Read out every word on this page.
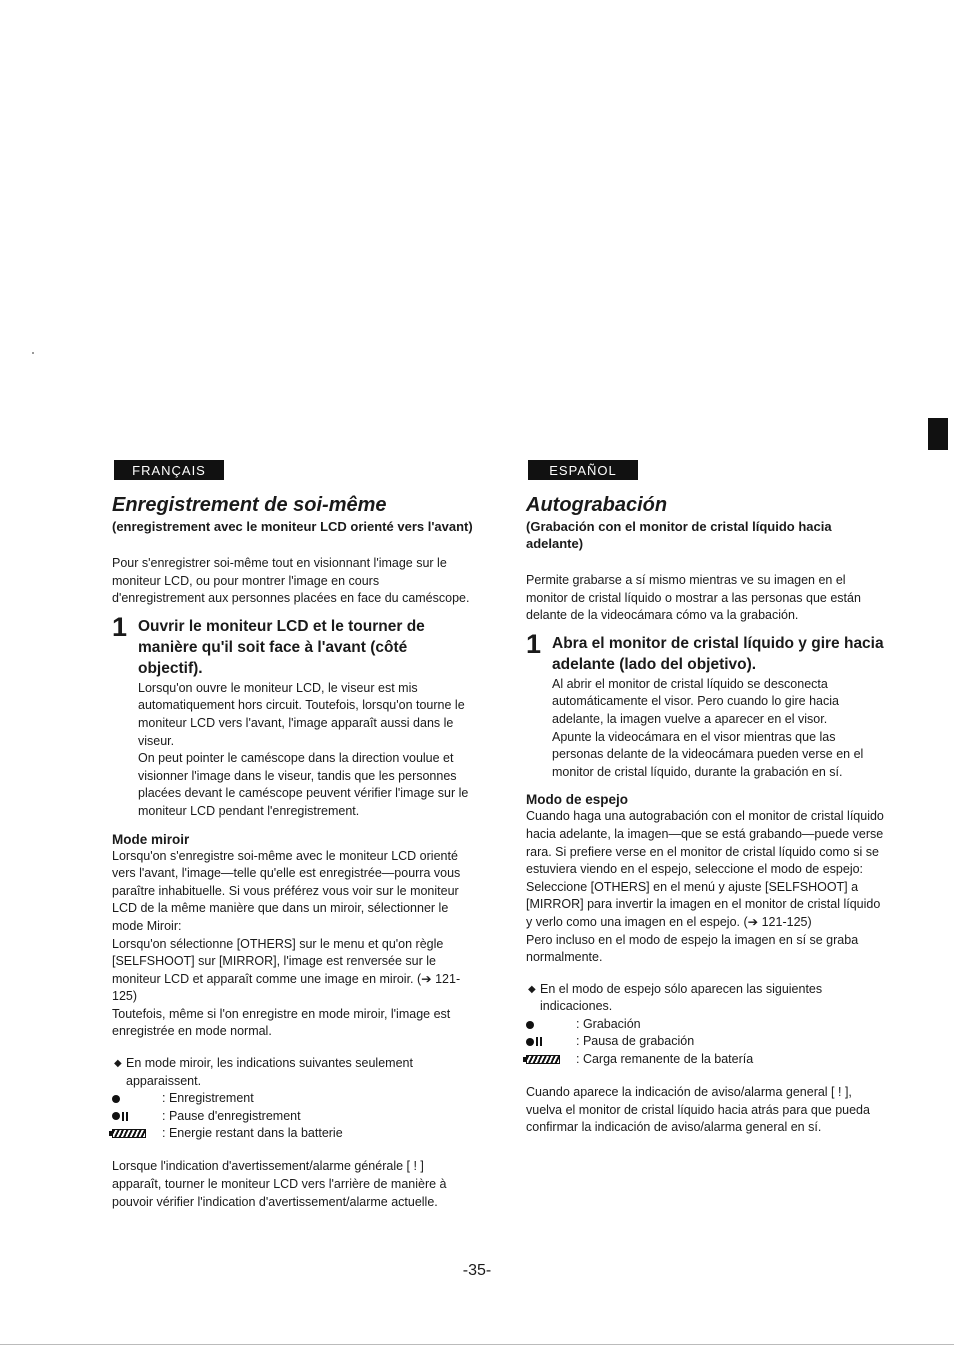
FRANÇAIS
Enregistrement de soi-même

(enregistrement avec le moniteur LCD orienté vers l'avant)

Pour s'enregistrer soi-même tout en visionnant l'image sur le moniteur LCD, ou pour montrer l'image en cours d'enregistrement aux personnes placées en face du caméscope.

1 Ouvrir le moniteur LCD et le tourner de manière qu'il soit face à l'avant (côté objectif).

Lorsqu'on ouvre le moniteur LCD, le viseur est mis automatiquement hors circuit. Toutefois, lorsqu'on tourne le moniteur LCD vers l'avant, l'image apparaît aussi dans le viseur.

On peut pointer le caméscope dans la direction voulue et visionner l'image dans le viseur, tandis que les personnes placées devant le caméscope peuvent vérifier l'image sur le moniteur LCD pendant l'enregistrement.

Mode miroir

Lorsqu'on s'enregistre soi-même avec le moniteur LCD orienté vers l'avant, l'image—telle qu'elle est enregistrée—pourra vous paraître inhabituelle. Si vous préférez vous voir sur le moniteur LCD de la même manière que dans un miroir, sélectionner le mode Miroir:

Lorsqu'on sélectionne [OTHERS] sur le menu et qu'on règle [SELFSHOOT] sur [MIRROR], l'image est renversée sur le moniteur LCD et apparaît comme une image en miroir. (➔ 121-125)

Toutefois, même si l'on enregistre en mode miroir, l'image est enregistrée en mode normal.

◆ En mode miroir, les indications suivantes seulement apparaissent.

: Enregistrement
: Pause d'enregistrement
: Energie restant dans la batterie

Lorsque l'indication d'avertissement/alarme générale [ ! ] apparaît, tourner le moniteur LCD vers l'arrière de manière à pouvoir vérifier l'indication d'avertissement/alarme actuelle.

ESPAÑOL
Autograbación

(Grabación con el monitor de cristal líquido hacia adelante)

Permite grabarse a sí mismo mientras ve su imagen en el monitor de cristal líquido o mostrar a las personas que están delante de la videocámara cómo va la grabación.

1 Abra el monitor de cristal líquido y gire hacia adelante (lado del objetivo).

Al abrir el monitor de cristal líquido se desconecta automáticamente el visor. Pero cuando lo gire hacia adelante, la imagen vuelve a aparecer en el visor.

Apunte la videocámara en el visor mientras que las personas delante de la videocámara pueden verse en el monitor de cristal líquido, durante la grabación en sí.

Modo de espejo

Cuando haga una autograbación con el monitor de cristal líquido hacia adelante, la imagen—que se está grabando—puede verse rara. Si prefiere verse en el monitor de cristal líquido como si se estuviera viendo en el espejo, seleccione el modo de espejo:

Seleccione [OTHERS] en el menú y ajuste [SELFSHOOT] a [MIRROR] para invertir la imagen en el monitor de cristal líquido y verlo como una imagen en el espejo. (➔ 121-125)

Pero incluso en el modo de espejo la imagen en sí se graba normalmente.

◆ En el modo de espejo sólo aparecen las siguientes indicaciones.

: Grabación
: Pausa de grabación
: Carga remanente de la batería

Cuando aparece la indicación de aviso/alarma general [ ! ], vuelva el monitor de cristal líquido hacia atrás para que pueda confirmar la indicación de aviso/alarma general en sí.

-35-
